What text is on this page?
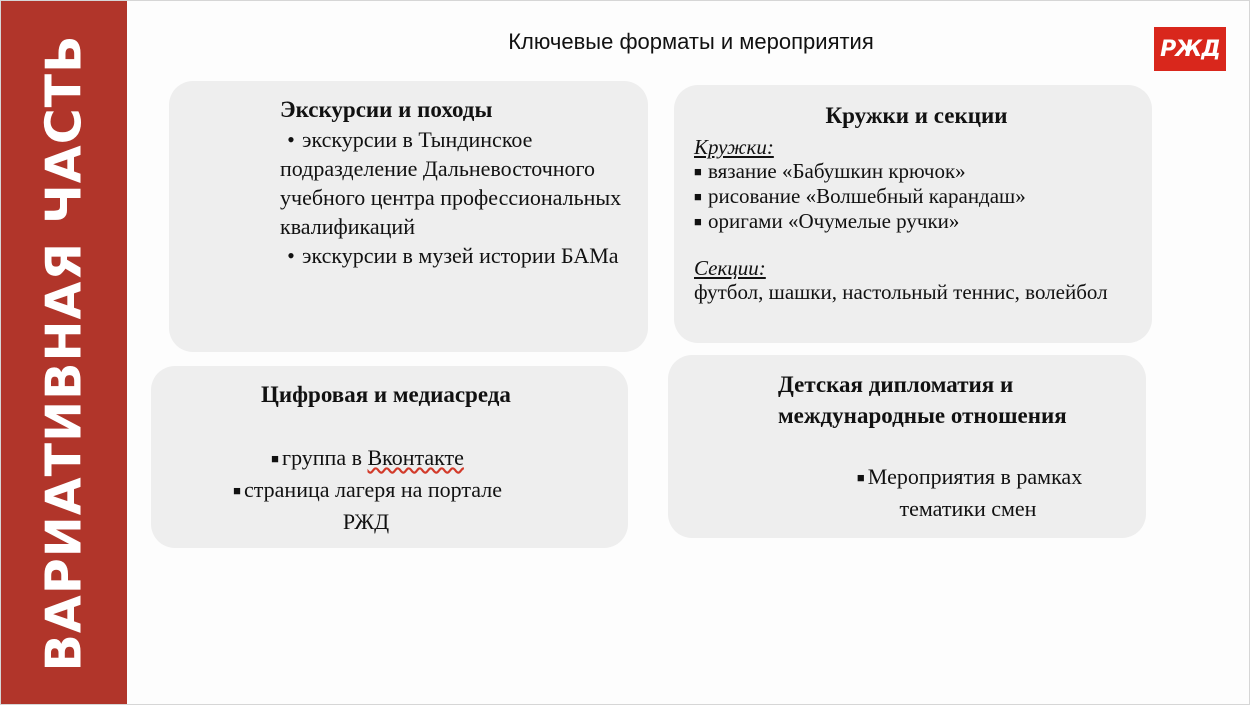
ВАРИАТИВНАЯ ЧАСТЬ	Ключевые форматы и мероприятия	РЖД
Экскурсии и походы
• экскурсии в Тындинское подразделение Дальневосточного учебного центра профессиональных квалификаций
• экскурсии в музей истории БАМа
Кружки и секции
Кружки:
■ вязание «Бабушкин крючок»
■ рисование «Волшебный карандаш»
■ оригами «Очумелые ручки»
Секции:
футбол, шашки, настольный теннис, волейбол
Цифровая и медиасреда
■ группа в Вконтакте
■ страница лагеря на портале
РЖД
Детская дипломатия и международные отношения
■ Мероприятия в рамках
тематики смен
